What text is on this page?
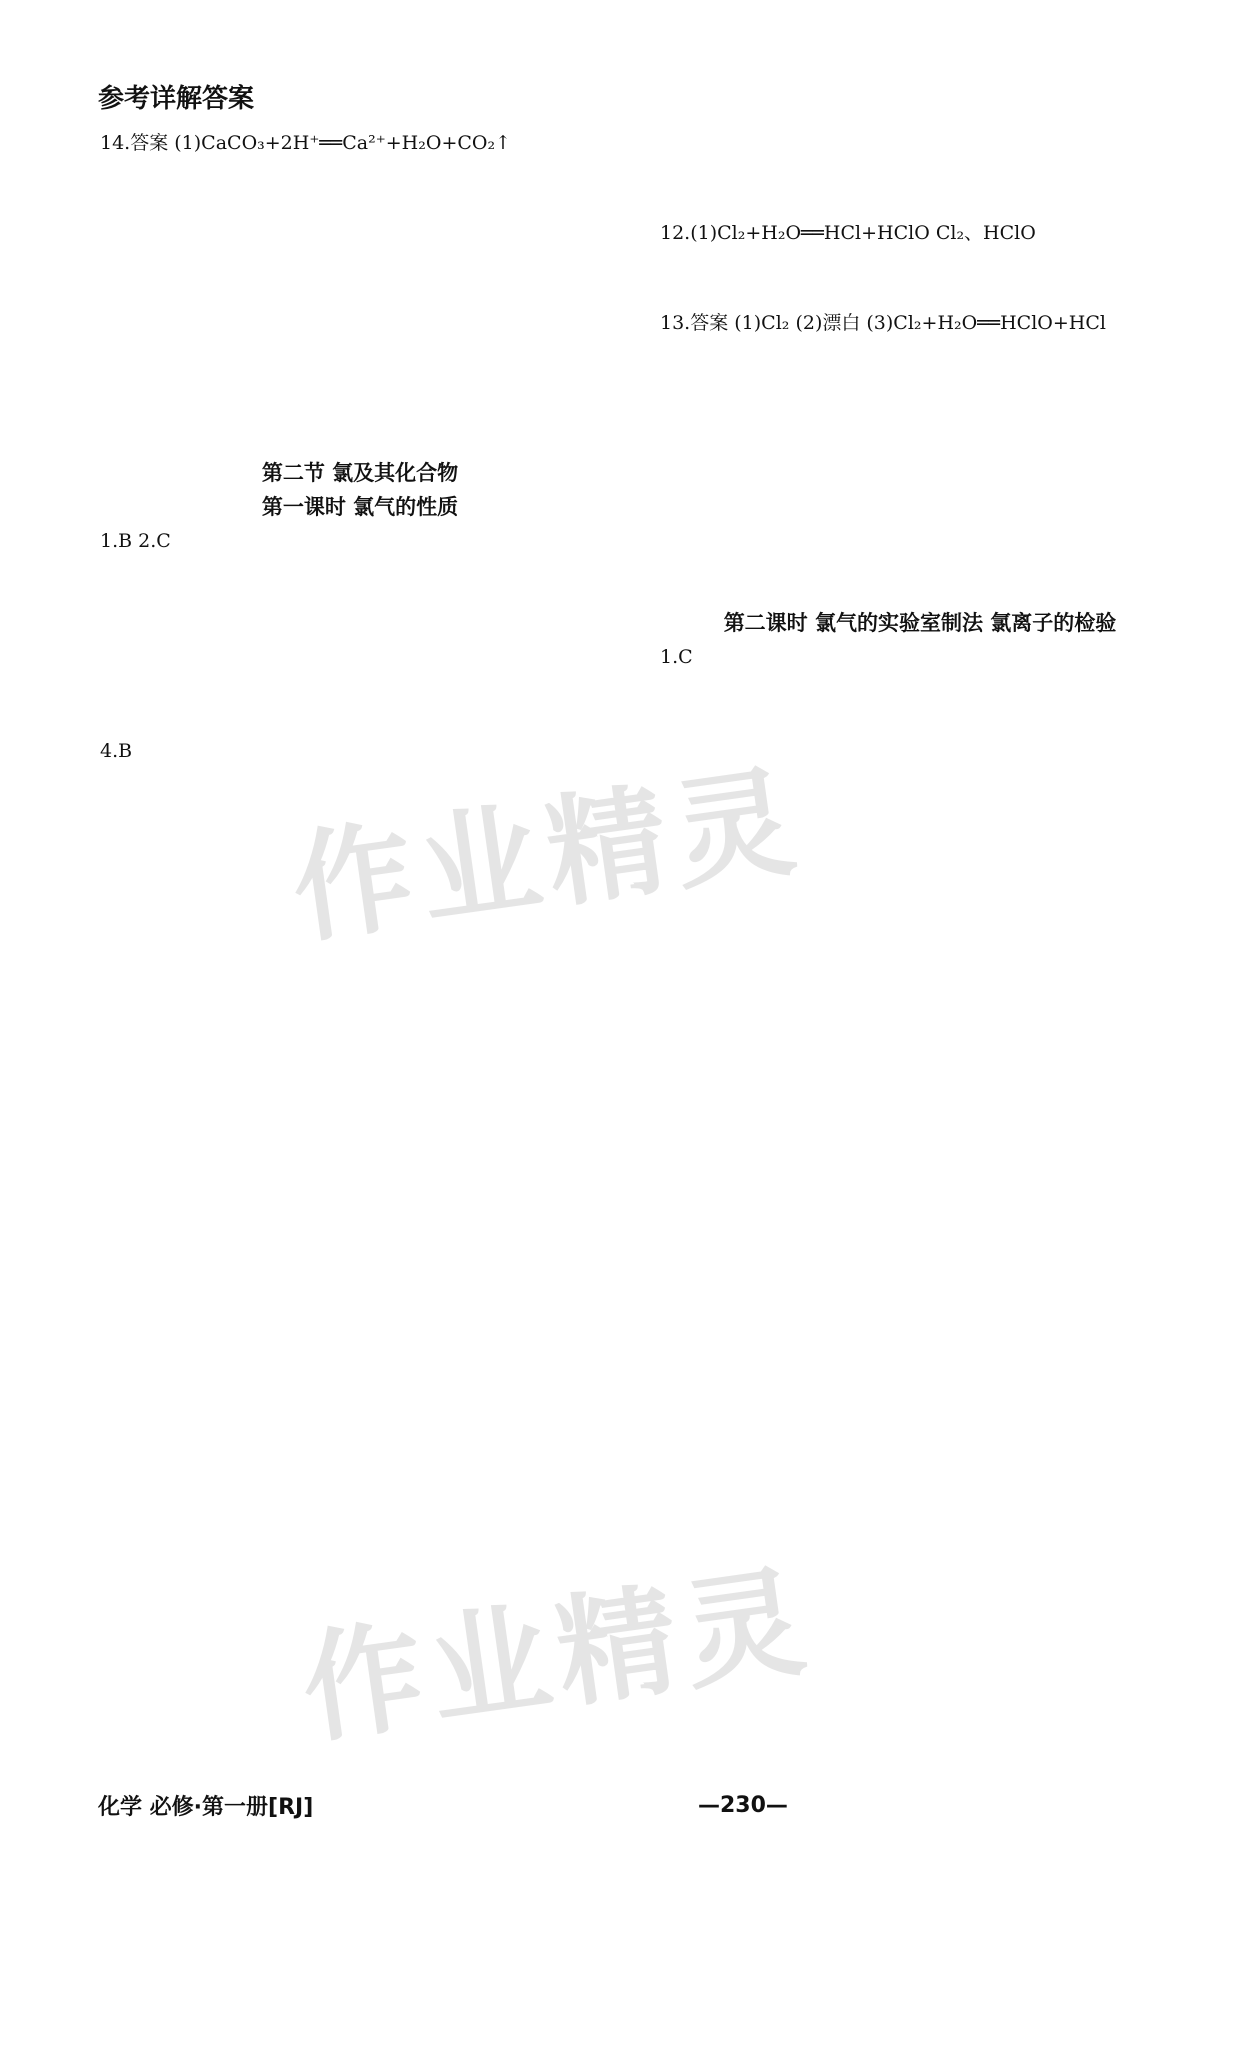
参考详解答案
14.答案 (1)CaCO₃+2H⁺══Ca²⁺+H₂O+CO₂↑
第二节 氯及其化合物
第一课时 氯气的性质
1.B 2.C
4.B
12.(1)Cl₂+H₂O══HCl+HClO Cl₂、HClO
13.答案 (1)Cl₂ (2)漂白 (3)Cl₂+H₂O══HClO+HCl
第二课时 氯气的实验室制法 氯离子的检验
1.C
作业精灵
作业精灵
化学 必修·第一册[RJ]	—230—
